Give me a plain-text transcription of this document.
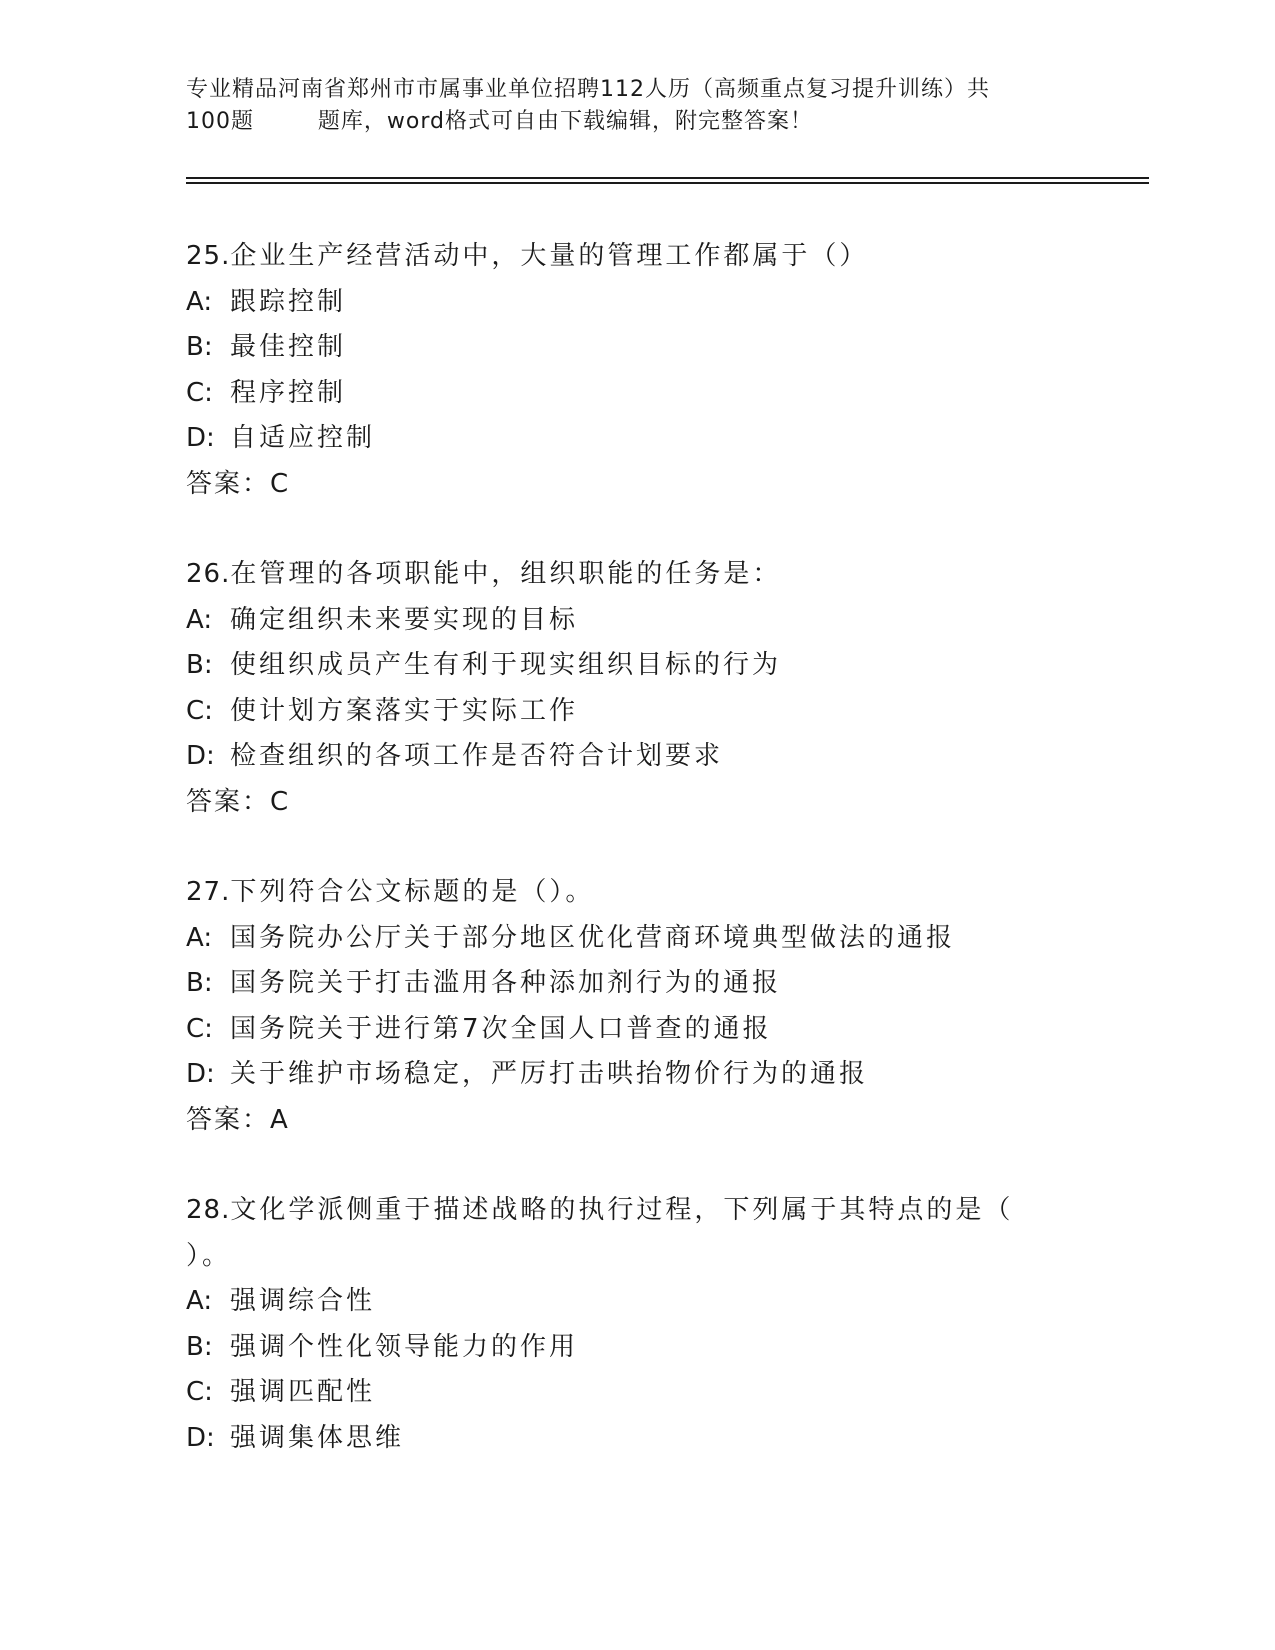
专业精品河南省郑州市市属事业单位招聘112人历（高频重点复习提升训练）共
100题        题库，word格式可自由下载编辑，附完整答案！
25.企业生产经营活动中，大量的管理工作都属于（）
A: 跟踪控制
B: 最佳控制
C: 程序控制
D: 自适应控制
答案：C
26.在管理的各项职能中，组织职能的任务是：
A: 确定组织未来要实现的目标
B: 使组织成员产生有利于现实组织目标的行为
C: 使计划方案落实于实际工作
D: 检查组织的各项工作是否符合计划要求
答案：C
27.下列符合公文标题的是（）。
A: 国务院办公厅关于部分地区优化营商环境典型做法的通报
B: 国务院关于打击滥用各种添加剂行为的通报
C: 国务院关于进行第7次全国人口普查的通报
D: 关于维护市场稳定，严厉打击哄抬物价行为的通报
答案：A
28.文化学派侧重于描述战略的执行过程，下列属于其特点的是（
）。
A: 强调综合性
B: 强调个性化领导能力的作用
C: 强调匹配性
D: 强调集体思维
